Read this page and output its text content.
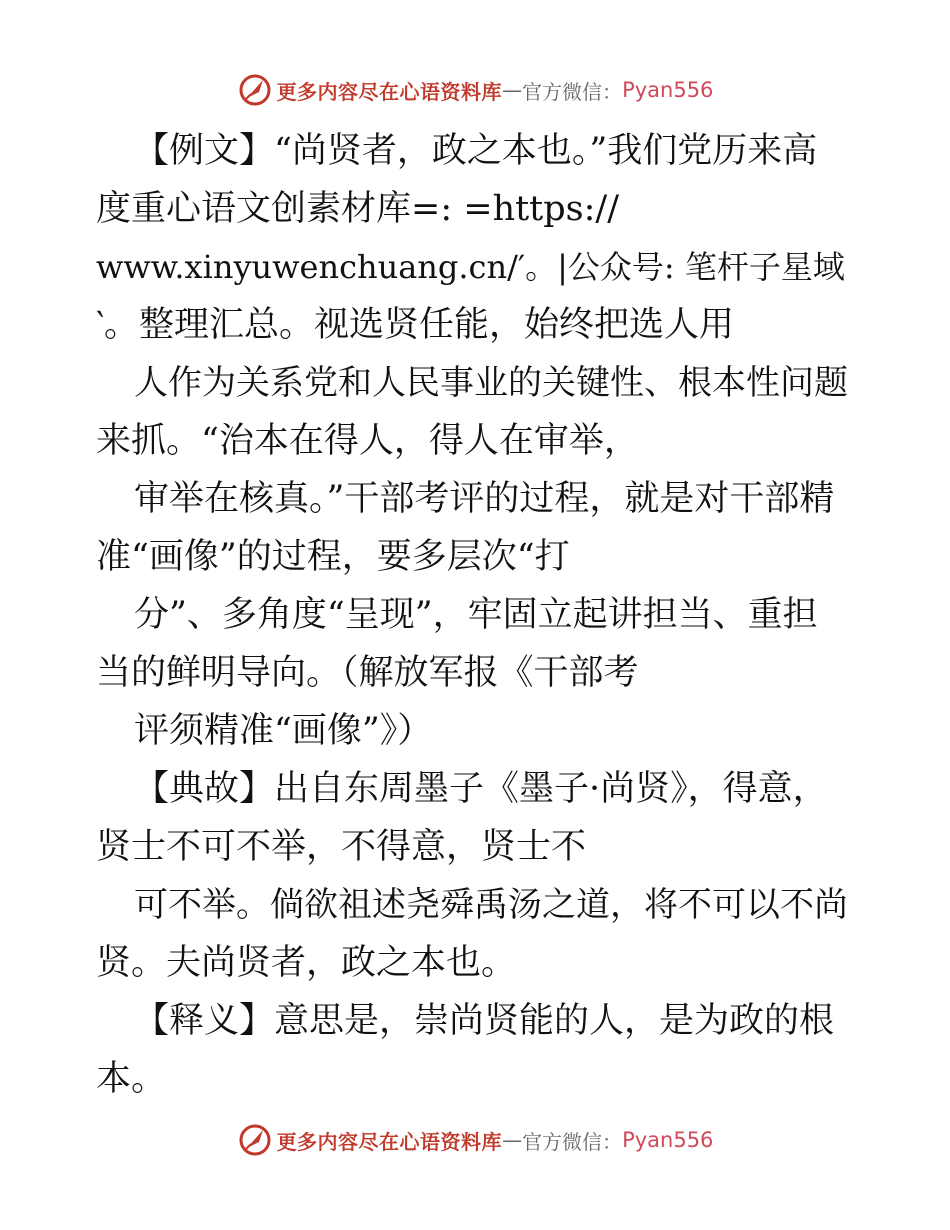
更多内容尽在心语资料库 — 官方微信： Pyan556
【例文】“尚贤者，政之本也。”我们党历来高
度重心语文创素材库=: =https://
www.xinyuwenchuang.cn/′。|公众号: 笔杆子星域
‵。整理汇总。视选贤任能，始终把选人用
人作为关系党和人民事业的关键性、根本性问题
来抓。“治本在得人，得人在审举，
审举在核真。”干部考评的过程，就是对干部精
准“画像”的过程，要多层次“打
分”、多角度“呈现”，牢固立起讲担当、重担
当的鲜明导向。（解放军报《干部考
评须精准“画像”》）
【典故】出自东周墨子《墨子·尚贤》，得意，
贤士不可不举，不得意，贤士不
可不举。倘欲祖述尧舜禹汤之道，将不可以不尚
贤。夫尚贤者，政之本也。
【释义】意思是，崇尚贤能的人，是为政的根
本。
更多内容尽在心语资料库 — 官方微信： Pyan556
